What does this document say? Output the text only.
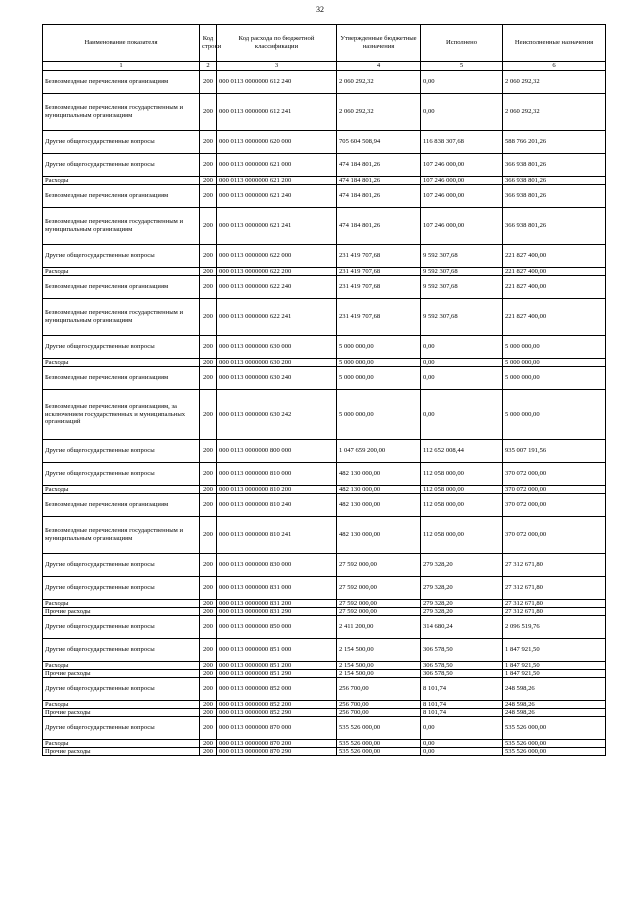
32
Наименование показателя	Код строки	Код расхода по бюджетной классификации	Утвержденные бюджетные назначения	Исполнено	Неисполненные назначения
1	2	3	4	5	6
Безвозмездные перечисления организациям	200	000 0113 0000000 612 240	2 060 292,32	0,00	2 060 292,32
Безвозмездные перечисления государственным и муниципальным организациям	200	000 0113 0000000 612 241	2 060 292,32	0,00	2 060 292,32
Другие общегосударственные вопросы	200	000 0113 0000000 620 000	705 604 508,94	116 838 307,68	588 766 201,26
Другие общегосударственные вопросы	200	000 0113 0000000 621 000	474 184 801,26	107 246 000,00	366 938 801,26
Расходы	200	000 0113 0000000 621 200	474 184 801,26	107 246 000,00	366 938 801,26
Безвозмездные перечисления организациям	200	000 0113 0000000 621 240	474 184 801,26	107 246 000,00	366 938 801,26
Безвозмездные перечисления государственным и муниципальным организациям	200	000 0113 0000000 621 241	474 184 801,26	107 246 000,00	366 938 801,26
Другие общегосударственные вопросы	200	000 0113 0000000 622 000	231 419 707,68	9 592 307,68	221 827 400,00
Расходы	200	000 0113 0000000 622 200	231 419 707,68	9 592 307,68	221 827 400,00
Безвозмездные перечисления организациям	200	000 0113 0000000 622 240	231 419 707,68	9 592 307,68	221 827 400,00
Безвозмездные перечисления государственным и муниципальным организациям	200	000 0113 0000000 622 241	231 419 707,68	9 592 307,68	221 827 400,00
Другие общегосударственные вопросы	200	000 0113 0000000 630 000	5 000 000,00	0,00	5 000 000,00
Расходы	200	000 0113 0000000 630 200	5 000 000,00	0,00	5 000 000,00
Безвозмездные перечисления организациям	200	000 0113 0000000 630 240	5 000 000,00	0,00	5 000 000,00
Безвозмездные перечисления организациям, за исключением государственных и муниципальных организаций	200	000 0113 0000000 630 242	5 000 000,00	0,00	5 000 000,00
Другие общегосударственные вопросы	200	000 0113 0000000 800 000	1 047 659 200,00	112 652 008,44	935 007 191,56
Другие общегосударственные вопросы	200	000 0113 0000000 810 000	482 130 000,00	112 058 000,00	370 072 000,00
Расходы	200	000 0113 0000000 810 200	482 130 000,00	112 058 000,00	370 072 000,00
Безвозмездные перечисления организациям	200	000 0113 0000000 810 240	482 130 000,00	112 058 000,00	370 072 000,00
Безвозмездные перечисления государственным и муниципальным организациям	200	000 0113 0000000 810 241	482 130 000,00	112 058 000,00	370 072 000,00
Другие общегосударственные вопросы	200	000 0113 0000000 830 000	27 592 000,00	279 328,20	27 312 671,80
Другие общегосударственные вопросы	200	000 0113 0000000 831 000	27 592 000,00	279 328,20	27 312 671,80
Расходы	200	000 0113 0000000 831 200	27 592 000,00	279 328,20	27 312 671,80
Прочие расходы	200	000 0113 0000000 831 290	27 592 000,00	279 328,20	27 312 671,80
Другие общегосударственные вопросы	200	000 0113 0000000 850 000	2 411 200,00	314 680,24	2 096 519,76
Другие общегосударственные вопросы	200	000 0113 0000000 851 000	2 154 500,00	306 578,50	1 847 921,50
Расходы	200	000 0113 0000000 851 200	2 154 500,00	306 578,50	1 847 921,50
Прочие расходы	200	000 0113 0000000 851 290	2 154 500,00	306 578,50	1 847 921,50
Другие общегосударственные вопросы	200	000 0113 0000000 852 000	256 700,00	8 101,74	248 598,26
Расходы	200	000 0113 0000000 852 200	256 700,00	8 101,74	248 598,26
Прочие расходы	200	000 0113 0000000 852 290	256 700,00	8 101,74	248 598,26
Другие общегосударственные вопросы	200	000 0113 0000000 870 000	535 526 000,00	0,00	535 526 000,00
Расходы	200	000 0113 0000000 870 200	535 526 000,00	0,00	535 526 000,00
Прочие расходы	200	000 0113 0000000 870 290	535 526 000,00	0,00	535 526 000,00
